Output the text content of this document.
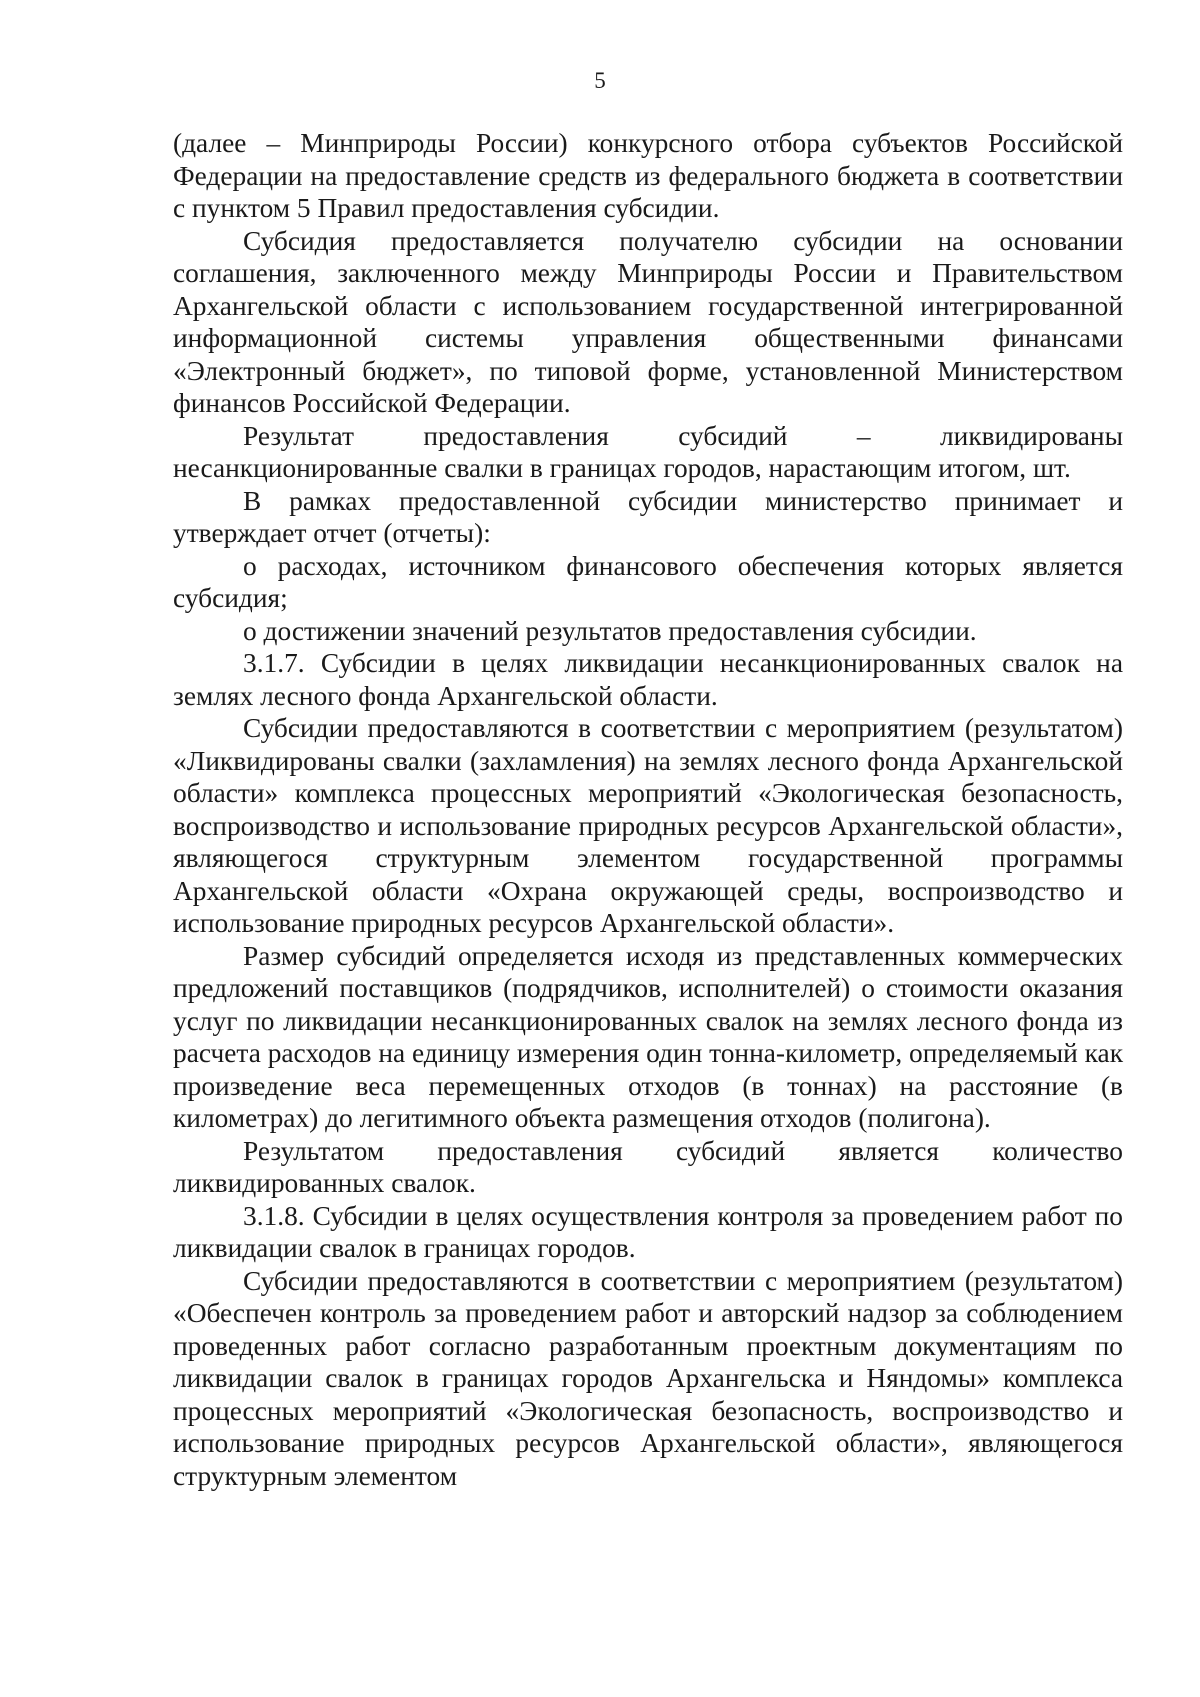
5

(далее – Минприроды России) конкурсного отбора субъектов Российской Федерации на предоставление средств из федерального бюджета в соответствии с пунктом 5 Правил предоставления субсидии.

Субсидия предоставляется получателю субсидии на основании соглашения, заключенного между Минприроды России и Правительством Архангельской области с использованием государственной интегрированной информационной системы управления общественными финансами «Электронный бюджет», по типовой форме, установленной Министерством финансов Российской Федерации.

Результат предоставления субсидий – ликвидированы несанкционированные свалки в границах городов, нарастающим итогом, шт.

В рамках предоставленной субсидии министерство принимает и утверждает отчет (отчеты):

о расходах, источником финансового обеспечения которых является субсидия;

о достижении значений результатов предоставления субсидии.

3.1.7. Субсидии в целях ликвидации несанкционированных свалок на землях лесного фонда Архангельской области.

Субсидии предоставляются в соответствии с мероприятием (результатом) «Ликвидированы свалки (захламления) на землях лесного фонда Архангельской области» комплекса процессных мероприятий «Экологическая безопасность, воспроизводство и использование природных ресурсов Архангельской области», являющегося структурным элементом государственной программы Архангельской области «Охрана окружающей среды, воспроизводство и использование природных ресурсов Архангельской области».

Размер субсидий определяется исходя из представленных коммерческих предложений поставщиков (подрядчиков, исполнителей) о стоимости оказания услуг по ликвидации несанкционированных свалок на землях лесного фонда из расчета расходов на единицу измерения один тонна-километр, определяемый как произведение веса перемещенных отходов (в тоннах) на расстояние (в километрах) до легитимного объекта размещения отходов (полигона).

Результатом предоставления субсидий является количество ликвидированных свалок.

3.1.8. Субсидии в целях осуществления контроля за проведением работ по ликвидации свалок в границах городов.

Субсидии предоставляются в соответствии с мероприятием (результатом) «Обеспечен контроль за проведением работ и авторский надзор за соблюдением проведенных работ согласно разработанным проектным документациям по ликвидации свалок в границах городов Архангельска и Няндомы» комплекса процессных мероприятий «Экологическая безопасность, воспроизводство и использование природных ресурсов Архангельской области», являющегося структурным элементом
